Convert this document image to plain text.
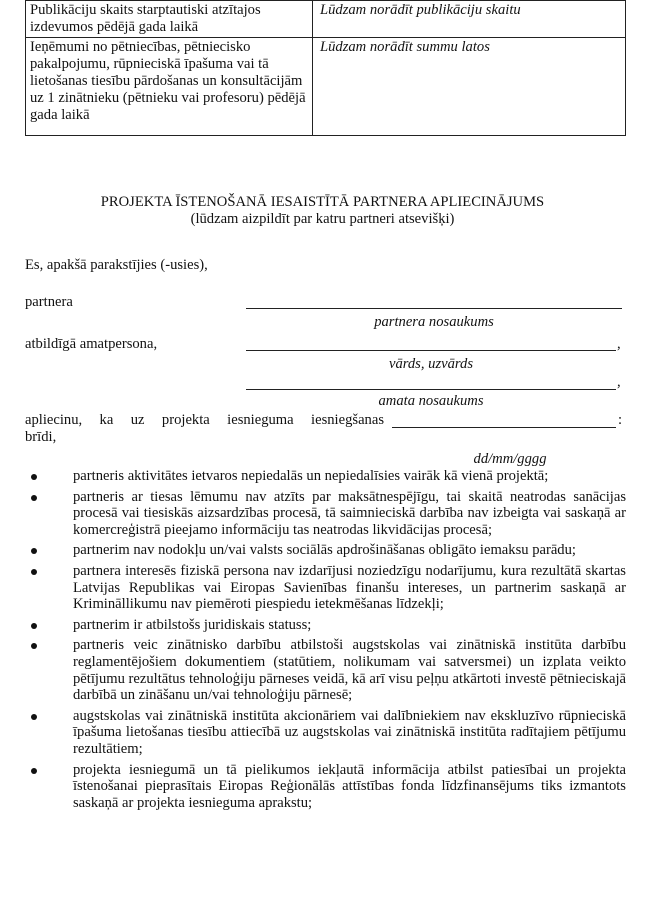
Publikāciju skaits starptautiski atzītajos izdevumos pēdējā gada laikā	Lūdzam norādīt publikāciju skaitu
Ieņēmumi no pētniecības, pētniecisko pakalpojumu, rūpnieciskā īpašuma vai tā lietošanas tiesību pārdošanas un konsultācijām uz 1 zinātnieku (pētnieku vai profesoru) pēdējā gada laikā	Lūdzam norādīt summu latos
PROJEKTA ĪSTENOŠANĀ IESAISTĪTĀ PARTNERA APLIECINĀJUMS
(lūdzam aizpildīt par katru partneri atsevišķi)
Es, apakšā parakstījies (-usies),
partnera
partnera nosaukums
atbildīgā amatpersona,	,
vārds, uzvārds
,
amata nosaukums
apliecinu, ka uz projekta iesnieguma iesniegšanas	:
brīdi,
dd/mm/gggg
partneris aktivitātes ietvaros nepiedalās un nepiedalīsies vairāk kā vienā projektā;
partneris ar tiesas lēmumu nav atzīts par maksātnespējīgu, tai skaitā neatrodas sanācijas procesā vai tiesiskās aizsardzības procesā, tā saimnieciskā darbība nav izbeigta vai saskaņā ar komercreģistrā pieejamo informāciju tas neatrodas likvidācijas procesā;
partnerim nav nodokļu un/vai valsts sociālās apdrošināšanas obligāto iemaksu parādu;
partnera interesēs fiziskā persona nav izdarījusi noziedzīgu nodarījumu, kura rezultātā skartas Latvijas Republikas vai Eiropas Savienības finanšu intereses, un partnerim saskaņā ar Krimināllikumu nav piemēroti piespiedu ietekmēšanas līdzekļi;
partnerim ir atbilstošs juridiskais statuss;
partneris veic zinātnisko darbību atbilstoši augstskolas vai zinātniskā institūta darbību reglamentējošiem dokumentiem (statūtiem, nolikumam vai satversmei) un izplata veikto pētījumu rezultātus tehnoloģiju pārneses veidā, kā arī visu peļņu atkārtoti investē pētnieciskajā darbībā un zināšanu un/vai tehnoloģiju pārnesē;
augstskolas vai zinātniskā institūta akcionāriem vai dalībniekiem nav ekskluzīvo rūpnieciskā īpašuma lietošanas tiesību attiecībā uz augstskolas vai zinātniskā institūta radītajiem pētījumu rezultātiem;
projekta iesniegumā un tā pielikumos iekļautā informācija atbilst patiesībai un projekta īstenošanai pieprasītais Eiropas Reģionālās attīstības fonda līdzfinansējums tiks izmantots saskaņā ar projekta iesnieguma aprakstu;
